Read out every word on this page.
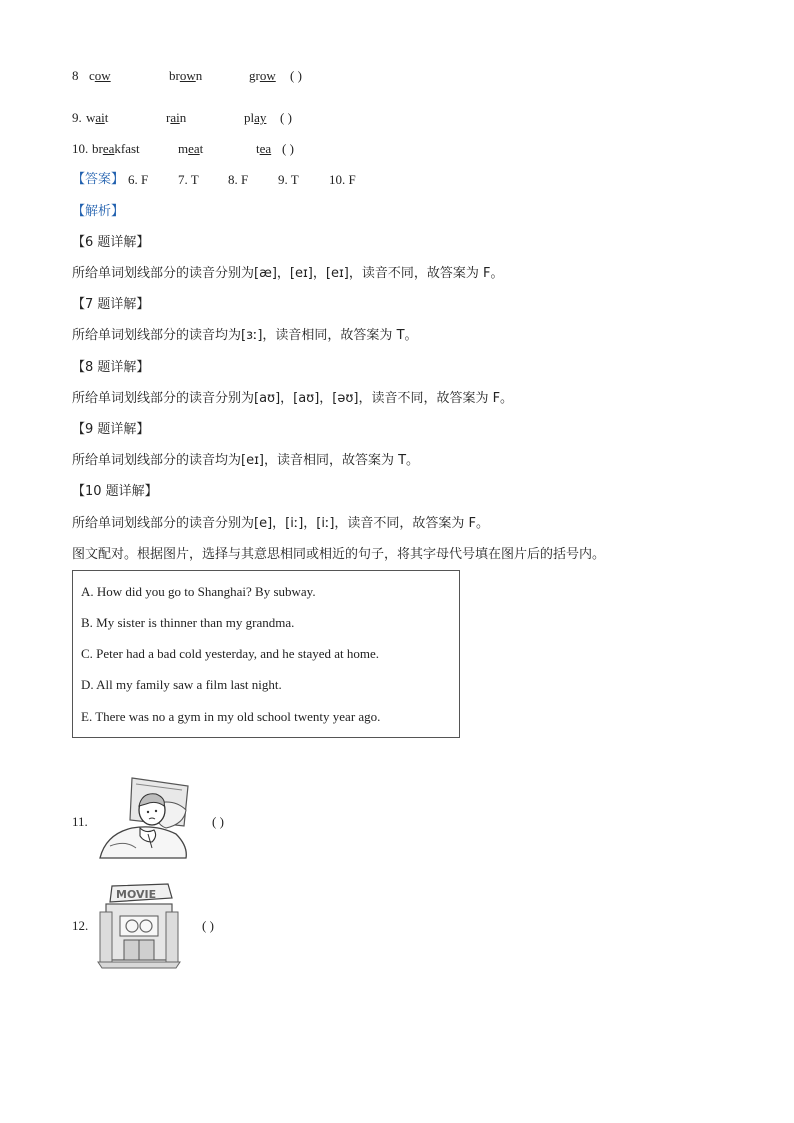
8 cow	brown	grow ( )
9. wait	rain	play ( )
10. breakfast	meat	tea ( )
【答案】 6. F 7. T 8. F 9. T 10. F
【解析】
【6 题详解】
所给单词划线部分的读音分别为[æ]，[eɪ]，[eɪ]，读音不同，故答案为 F。
【7 题详解】
所给单词划线部分的读音均为[ɜː]，读音相同，故答案为 T。
【8 题详解】
所给单词划线部分的读音分别为[aʊ]，[aʊ]，[əʊ]，读音不同，故答案为 F。
【9 题详解】
所给单词划线部分的读音均为[eɪ]，读音相同，故答案为 T。
【10 题详解】
所给单词划线部分的读音分别为[e]，[iː]，[iː]，读音不同，故答案为 F。
图文配对。根据图片，选择与其意思相同或相近的句子，将其字母代号填在图片后的括号内。
A. How did you go to Shanghai? By subway.
B. My sister is thinner than my grandma.
C. Peter had a bad cold yesterday, and he stayed at home.
D. All my family saw a film last night.
E. There was no a gym in my old school twenty year ago.
11.	( )
12.
MOVIE
( )
